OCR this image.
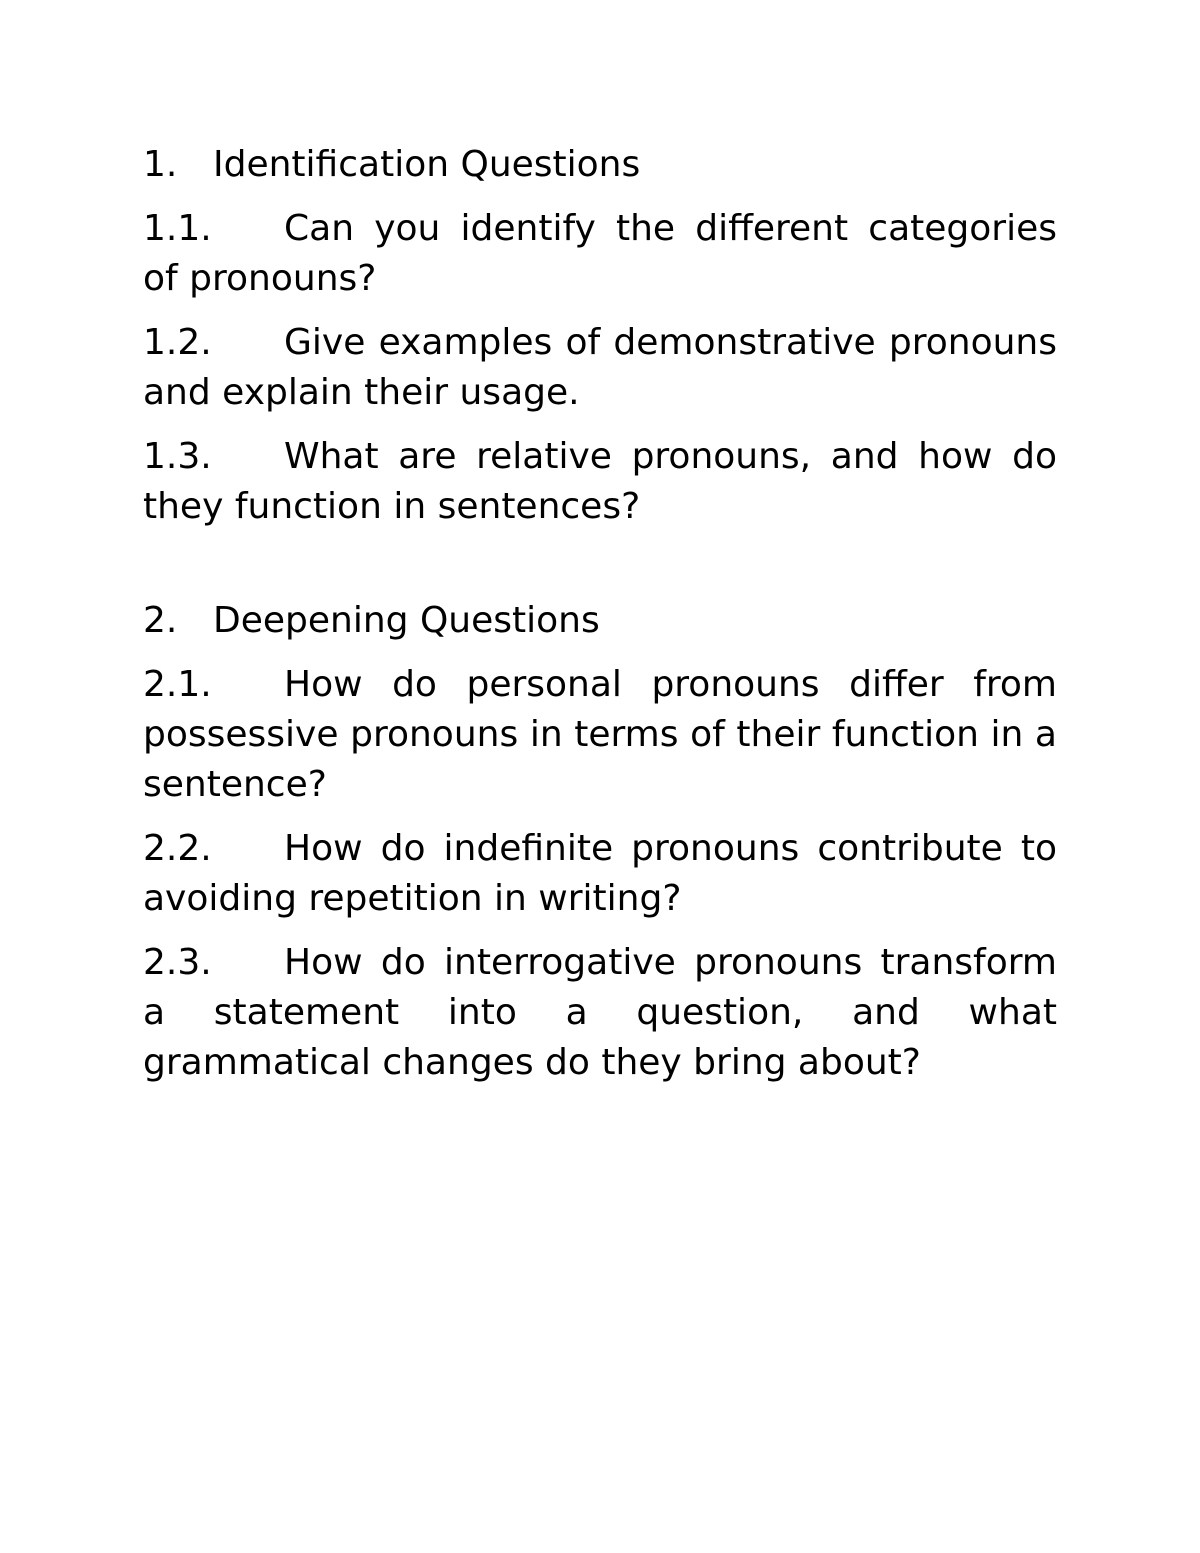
1. Identification Questions

1.1. Can you identify the different categories of pronouns?

1.2. Give examples of demonstrative pronouns and explain their usage.

1.3. What are relative pronouns, and how do they function in sentences?

2. Deepening Questions

2.1. How do personal pronouns differ from possessive pronouns in terms of their function in a sentence?

2.2. How do indefinite pronouns contribute to avoiding repetition in writing?

2.3. How do interrogative pronouns transform a statement into a question, and what grammatical changes do they bring about?
